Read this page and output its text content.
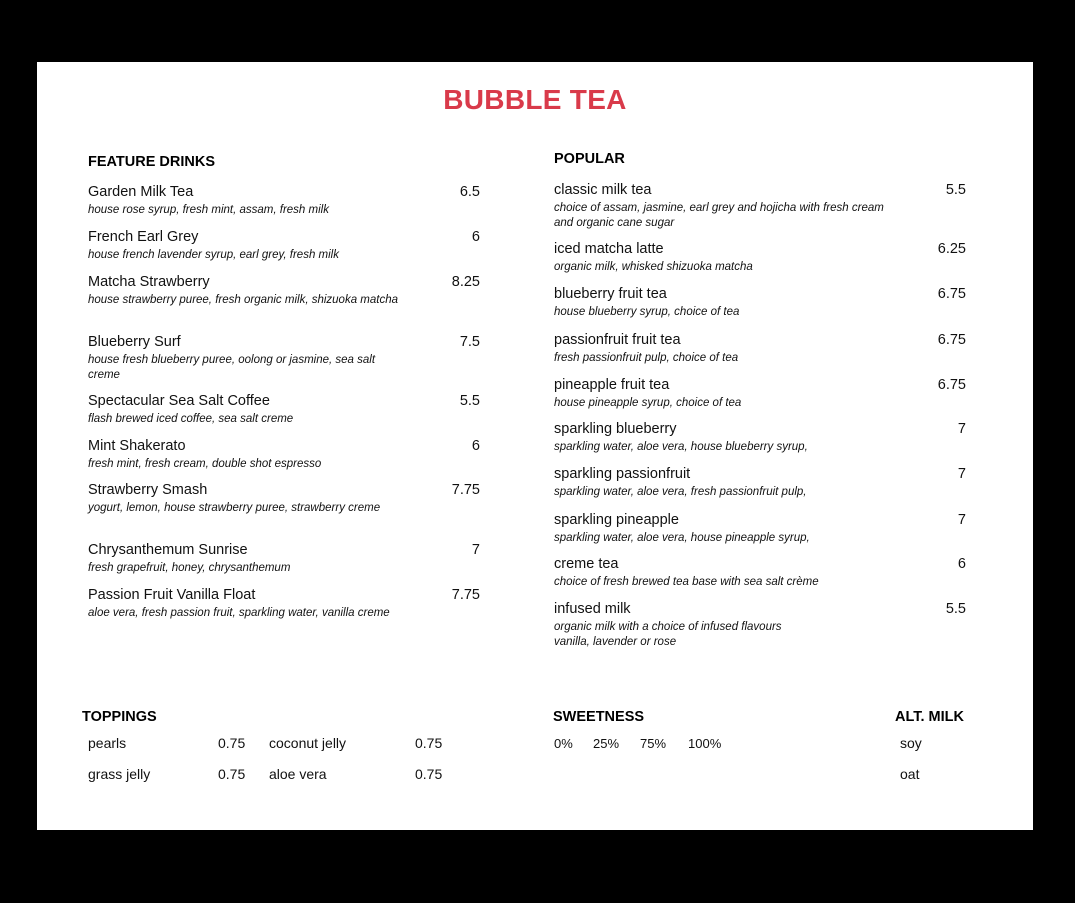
BUBBLE TEA
FEATURE DRINKS
Garden Milk Tea	6.5
house rose syrup, fresh mint, assam, fresh milk
French Earl Grey	6
house french lavender syrup, earl grey, fresh milk
Matcha Strawberry	8.25
house strawberry puree, fresh organic milk, shizuoka matcha
Blueberry Surf	7.5
house fresh blueberry puree, oolong or jasmine, sea salt creme
Spectacular Sea Salt Coffee	5.5
flash brewed iced coffee, sea salt creme
Mint Shakerato	6
fresh mint, fresh cream, double shot espresso
Strawberry Smash	7.75
yogurt, lemon, house strawberry puree, strawberry creme
Chrysanthemum Sunrise	7
fresh grapefruit, honey, chrysanthemum
Passion Fruit Vanilla Float	7.75
aloe vera, fresh passion fruit, sparkling water, vanilla creme
POPULAR
classic milk tea	5.5
choice of assam, jasmine, earl grey and hojicha with fresh cream and organic cane sugar
iced matcha latte	6.25
organic milk, whisked shizuoka matcha
blueberry fruit tea	6.75
house blueberry syrup, choice of tea
passionfruit fruit tea	6.75
fresh passionfruit pulp, choice of tea
pineapple fruit tea	6.75
house pineapple syrup, choice of tea
sparkling blueberry	7
sparkling water, aloe vera, house blueberry syrup,
sparkling passionfruit	7
sparkling water, aloe vera, fresh passionfruit pulp,
sparkling pineapple	7
sparkling water, aloe vera, house pineapple syrup,
creme tea	6
choice of fresh brewed tea base with sea salt crème
infused milk	5.5
organic milk with a choice of infused flavours vanilla, lavender or rose
TOPPINGS
pearls	0.75 coconut jelly	0.75
grass jelly	0.75 aloe vera	0.75
SWEETNESS
0% 25% 75% 100%
ALT. MILK
soy
oat
